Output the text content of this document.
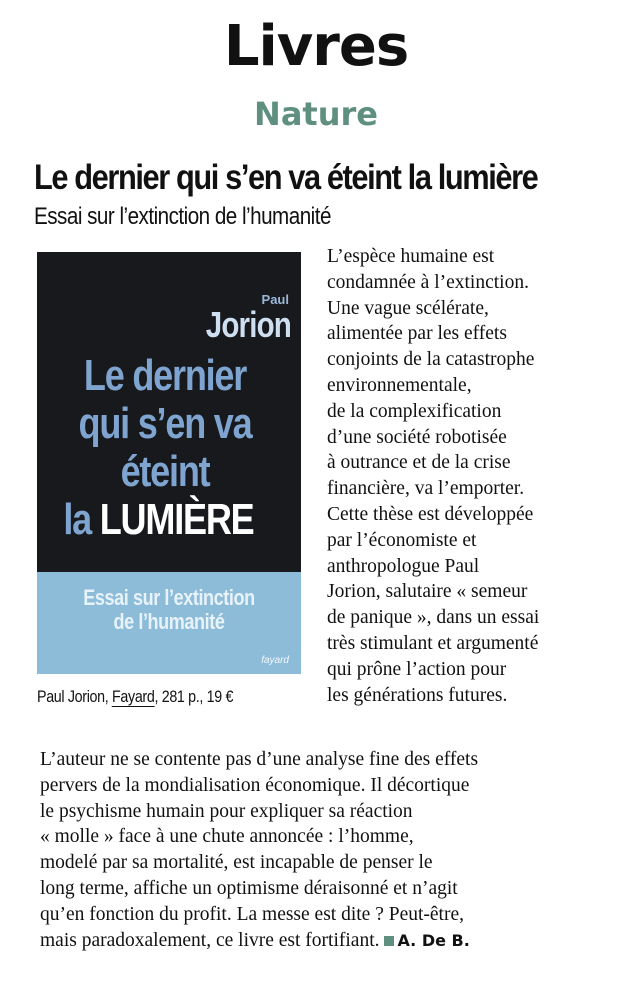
Livres
Nature
Le dernier qui s’en va éteint la lumière
Essai sur l’extinction de l’humanité
Paul
Jorion
Le dernier
qui s’en va
éteint
la LUMIÈRE
Essai sur l’extinction
de l’humanité
fayard
Paul Jorion, Fayard, 281 p., 19 €
L’espèce humaine est
condamnée à l’extinction.
Une vague scélérate,
alimentée par les effets
conjoints de la catastrophe
environnementale,
de la complexification
d’une société robotisée
à outrance et de la crise
financière, va l’emporter.
Cette thèse est développée
par l’économiste et
anthropologue Paul
Jorion, salutaire « semeur
de panique », dans un essai
très stimulant et argumenté
qui prône l’action pour
les générations futures.
L’auteur ne se contente pas d’une analyse fine des effets
pervers de la mondialisation économique. Il décortique
le psychisme humain pour expliquer sa réaction
« molle » face à une chute annoncée : l’homme,
modelé par sa mortalité, est incapable de penser le
long terme, affiche un optimisme déraisonné et n’agit
qu’en fonction du profit. La messe est dite ? Peut-être,
mais paradoxalement, ce livre est fortifiant. A. De B.
